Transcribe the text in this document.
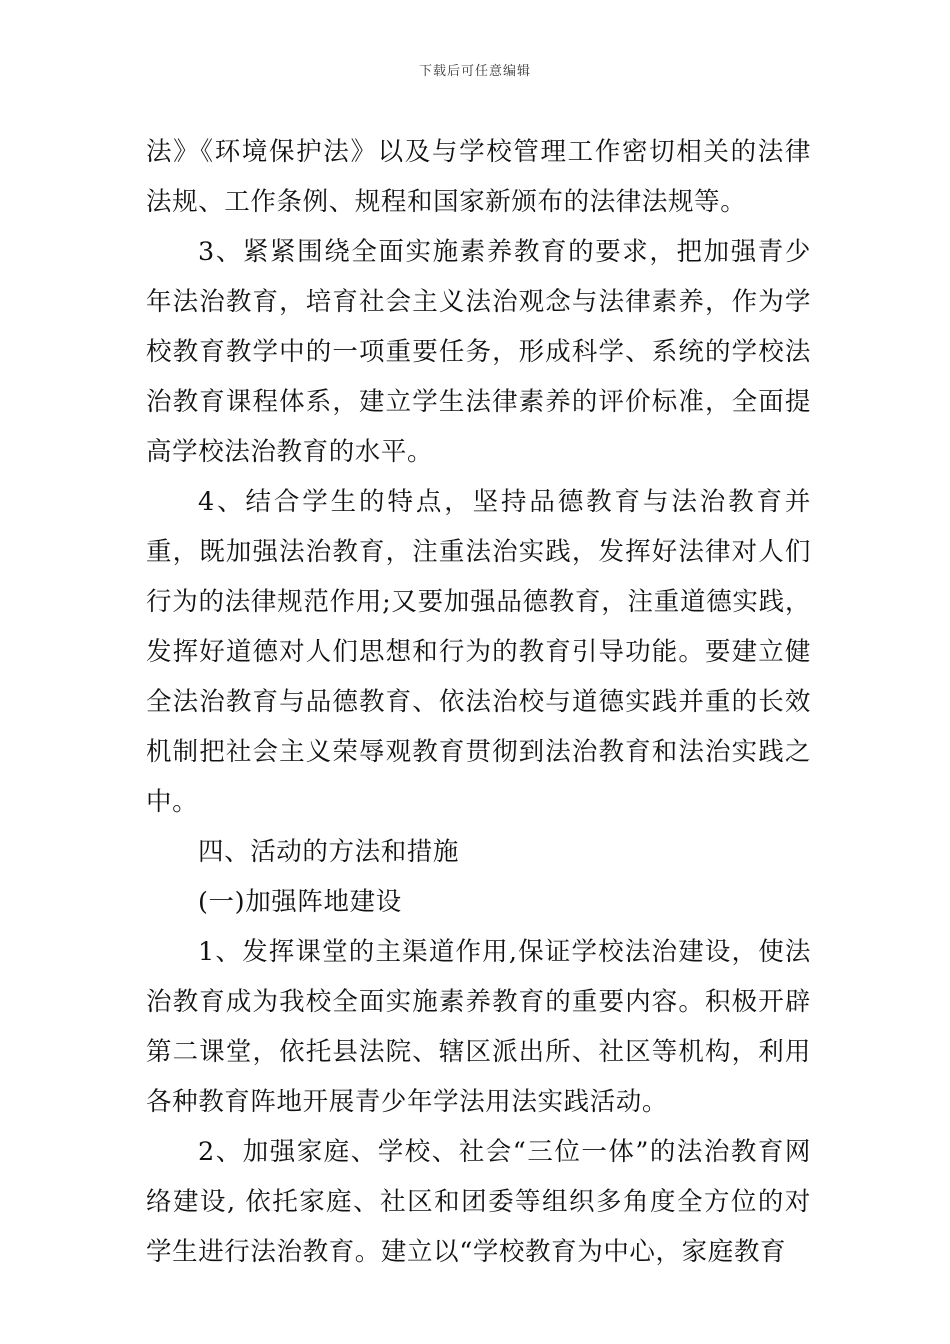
下载后可任意编辑

法》《环境保护法》以及与学校管理工作密切相关的法律法规、工作条例、规程和国家新颁布的法律法规等。

3、紧紧围绕全面实施素养教育的要求，把加强青少年法治教育，培育社会主义法治观念与法律素养，作为学校教育教学中的一项重要任务，形成科学、系统的学校法治教育课程体系，建立学生法律素养的评价标准，全面提高学校法治教育的水平。

4、结合学生的特点，坚持品德教育与法治教育并重，既加强法治教育，注重法治实践，发挥好法律对人们行为的法律规范作用;又要加强品德教育，注重道德实践，发挥好道德对人们思想和行为的教育引导功能。要建立健全法治教育与品德教育、依法治校与道德实践并重的长效机制把社会主义荣辱观教育贯彻到法治教育和法治实践之中。

四、活动的方法和措施

(一)加强阵地建设

1、发挥课堂的主渠道作用,保证学校法治建设，使法治教育成为我校全面实施素养教育的重要内容。积极开辟第二课堂，依托县法院、辖区派出所、社区等机构，利用各种教育阵地开展青少年学法用法实践活动。

2、加强家庭、学校、社会“三位一体”的法治教育网络建设, 依托家庭、社区和团委等组织多角度全方位的对学生进行法治教育。建立以“学校教育为中心，家庭教育
